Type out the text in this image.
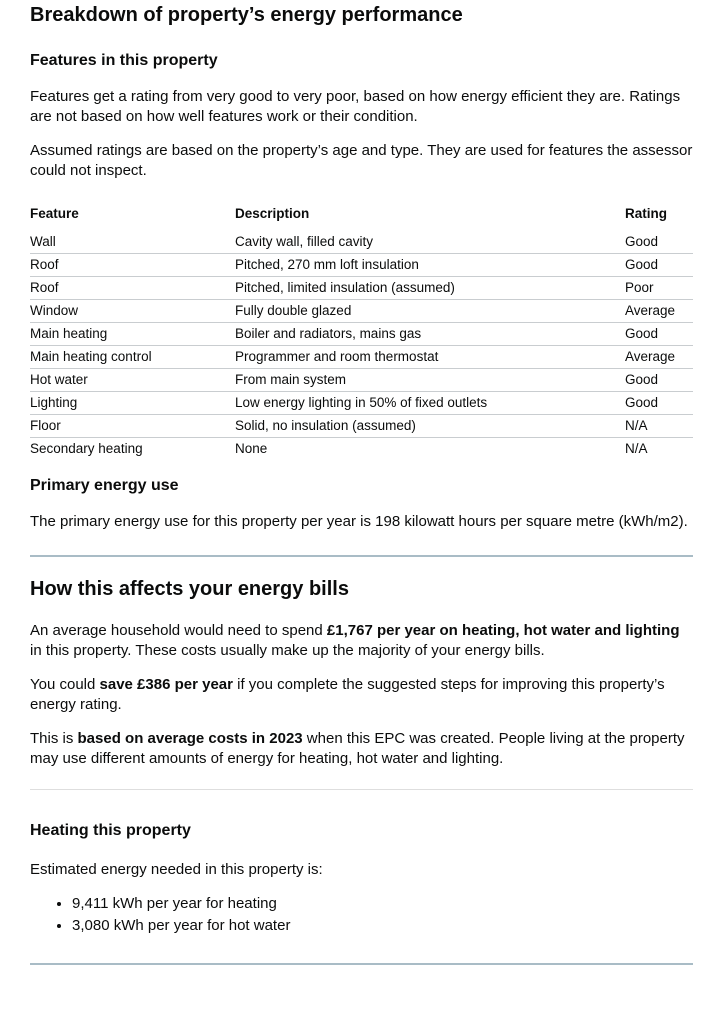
Breakdown of property’s energy performance
Features in this property

Features get a rating from very good to very poor, based on how energy efficient they are. Ratings are not based on how well features work or their condition.

Assumed ratings are based on the property’s age and type. They are used for features the assessor could not inspect.

Feature	Description	Rating
Wall	Cavity wall, filled cavity	Good
Roof	Pitched, 270 mm loft insulation	Good
Roof	Pitched, limited insulation (assumed)	Poor
Window	Fully double glazed	Average
Main heating	Boiler and radiators, mains gas	Good
Main heating control	Programmer and room thermostat	Average
Hot water	From main system	Good
Lighting	Low energy lighting in 50% of fixed outlets	Good
Floor	Solid, no insulation (assumed)	N/A
Secondary heating	None	N/A
Primary energy use

The primary energy use for this property per year is 198 kilowatt hours per square metre (kWh/m2).

How this affects your energy bills

An average household would need to spend £1,767 per year on heating, hot water and lighting in this property. These costs usually make up the majority of your energy bills.

You could save £386 per year if you complete the suggested steps for improving this property’s energy rating.

This is based on average costs in 2023 when this EPC was created. People living at the property may use different amounts of energy for heating, hot water and lighting.

Heating this property

Estimated energy needed in this property is:

• 9,411 kWh per year for heating
• 3,080 kWh per year for hot water
